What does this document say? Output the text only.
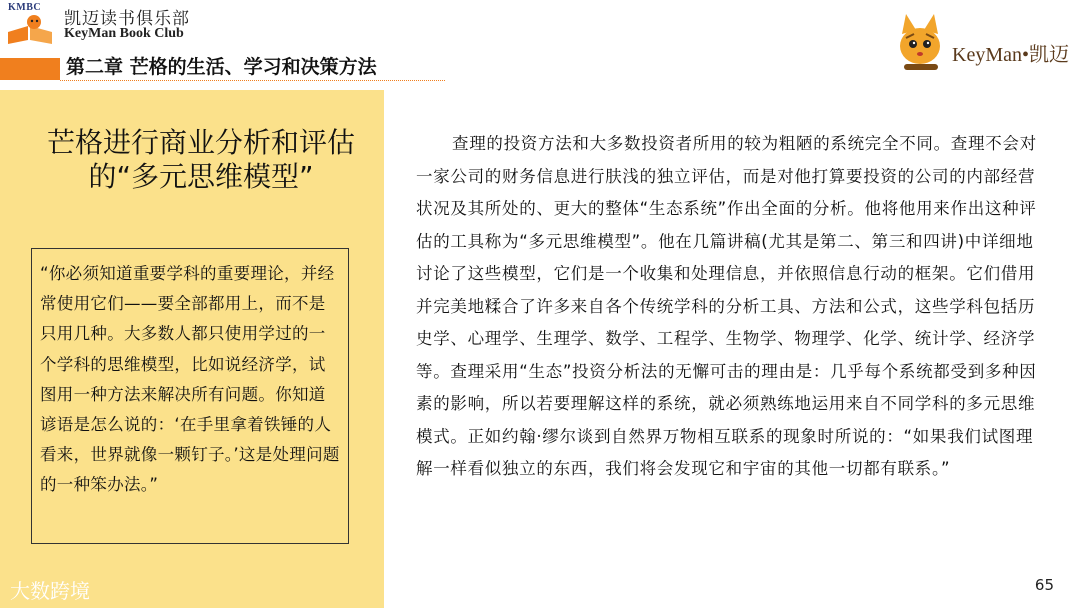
KMBC
凯迈读书俱乐部
KeyMan Book Club
第二章 芒格的生活、学习和决策方法
KeyMan•凯迈
芒格进行商业分析和评估的“多元思维模型”
“你必须知道重要学科的重要理论，并经常使用它们——要全部都用上，而不是只用几种。大多数人都只使用学过的一个学科的思维模型，比如说经济学，试图用一种方法来解决所有问题。你知道谚语是怎么说的：‘在手里拿着铁锤的人看来，世界就像一颗钉子。’这是处理问题的一种笨办法。”
大数跨境
查理的投资方法和大多数投资者所用的较为粗陋的系统完全不同。查理不会对一家公司的财务信息进行肤浅的独立评估，而是对他打算要投资的公司的内部经营状况及其所处的、更大的整体“生态系统”作出全面的分析。他将他用来作出这种评估的工具称为“多元思维模型”。他在几篇讲稿(尤其是第二、第三和四讲)中详细地讨论了这些模型，它们是一个收集和处理信息，并依照信息行动的框架。它们借用并完美地糅合了许多来自各个传统学科的分析工具、方法和公式，这些学科包括历史学、心理学、生理学、数学、工程学、生物学、物理学、化学、统计学、经济学等。查理采用“生态”投资分析法的无懈可击的理由是：几乎每个系统都受到多种因素的影响，所以若要理解这样的系统，就必须熟练地运用来自不同学科的多元思维模式。正如约翰·缪尔谈到自然界万物相互联系的现象时所说的：“如果我们试图理解一样看似独立的东西，我们将会发现它和宇宙的其他一切都有联系。”
65
